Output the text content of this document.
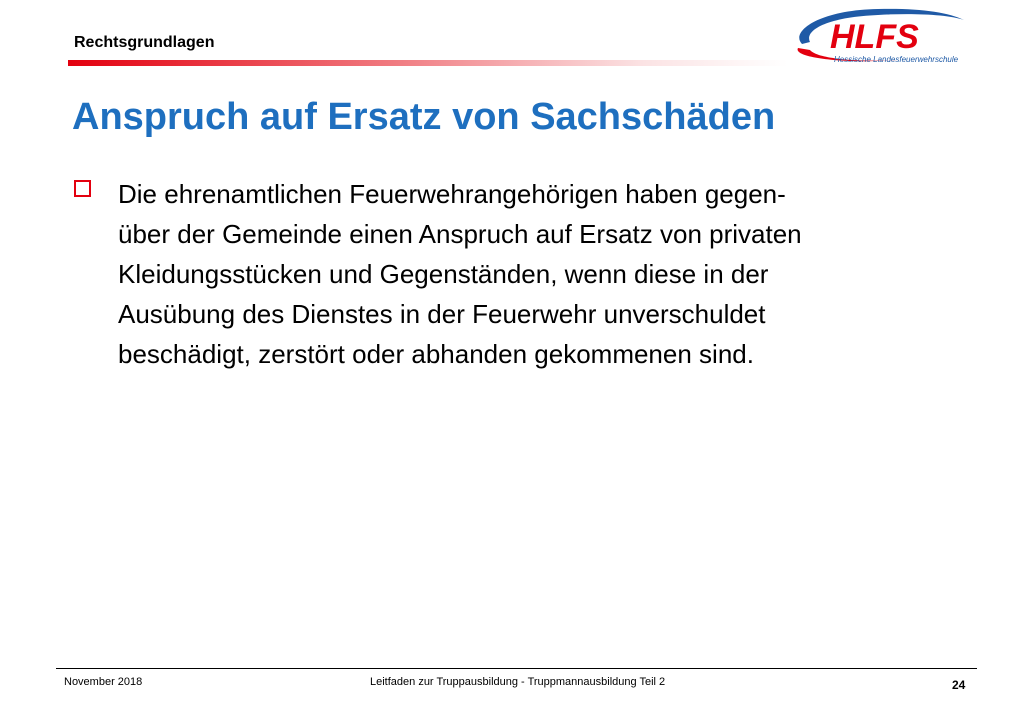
Rechtsgrundlagen	HLFS
Hessische Landesfeuerwehrschule
Anspruch auf Ersatz von Sachschäden
Die ehrenamtlichen Feuerwehrangehörigen haben gegen-
über der Gemeinde einen Anspruch auf Ersatz von privaten
Kleidungsstücken und Gegenständen, wenn diese in der
Ausübung des Dienstes in der Feuerwehr unverschuldet
beschädigt, zerstört oder abhanden gekommenen sind.
November 2018	Leitfaden zur Truppausbildung - Truppmannausbildung Teil 2	24
